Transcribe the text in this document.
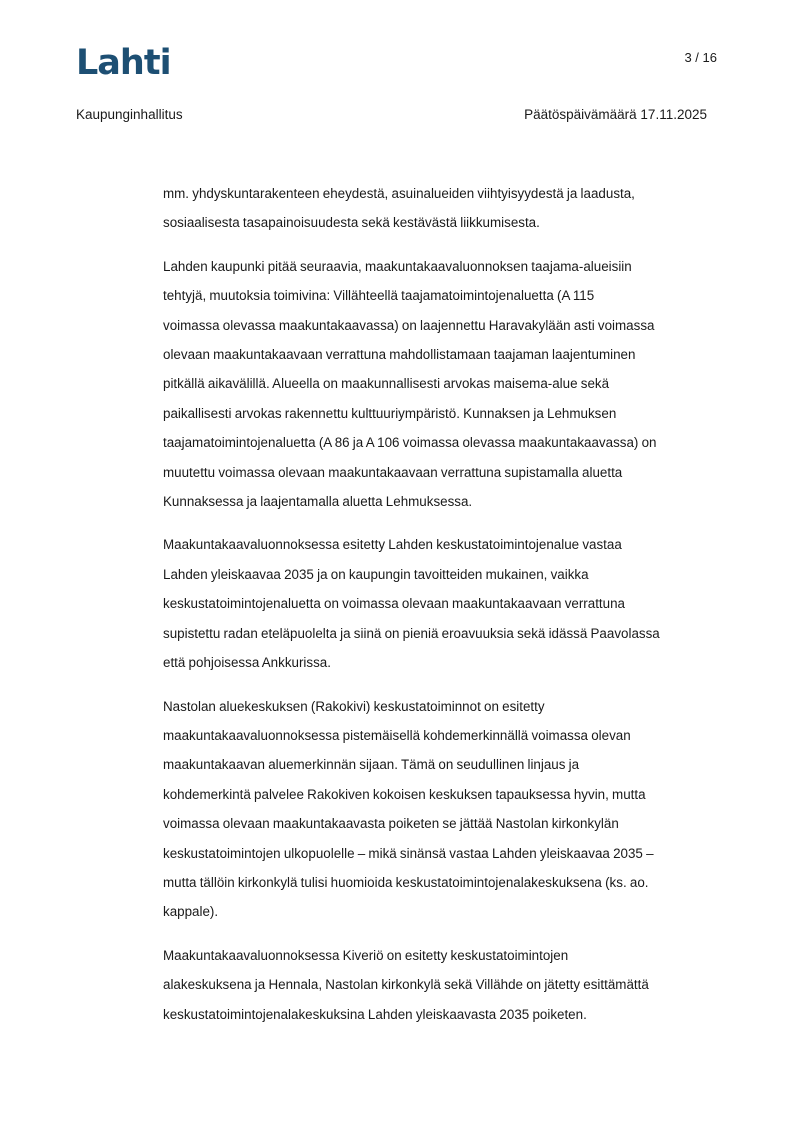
Lahti	3 / 16
Kaupunginhallitus	Päätöspäivämäärä 17.11.2025

mm. yhdyskuntarakenteen eheydestä, asuinalueiden viihtyisyydestä ja laadusta,
sosiaalisesta tasapainoisuudesta sekä kestävästä liikkumisesta.

Lahden kaupunki pitää seuraavia, maakuntakaavaluonnoksen taajama-alueisiin
tehtyjä, muutoksia toimivina: Villähteellä taajamatoimintojenaluetta (A 115
voimassa olevassa maakuntakaavassa) on laajennettu Haravakylään asti voimassa
olevaan maakuntakaavaan verrattuna mahdollistamaan taajaman laajentuminen
pitkällä aikavälillä. Alueella on maakunnallisesti arvokas maisema-alue sekä
paikallisesti arvokas rakennettu kulttuuriympäristö. Kunnaksen ja Lehmuksen
taajamatoimintojenaluetta (A 86 ja A 106 voimassa olevassa maakuntakaavassa) on
muutettu voimassa olevaan maakuntakaavaan verrattuna supistamalla aluetta
Kunnaksessa ja laajentamalla aluetta Lehmuksessa.

Maakuntakaavaluonnoksessa esitetty Lahden keskustatoimintojenalue vastaa
Lahden yleiskaavaa 2035 ja on kaupungin tavoitteiden mukainen, vaikka
keskustatoimintojenaluetta on voimassa olevaan maakuntakaavaan verrattuna
supistettu radan eteläpuolelta ja siinä on pieniä eroavuuksia sekä idässä Paavolassa
että pohjoisessa Ankkurissa.

Nastolan aluekeskuksen (Rakokivi) keskustatoiminnot on esitetty
maakuntakaavaluonnoksessa pistemäisellä kohdemerkinnällä voimassa olevan
maakuntakaavan aluemerkinnän sijaan. Tämä on seudullinen linjaus ja
kohdemerkintä palvelee Rakokiven kokoisen keskuksen tapauksessa hyvin, mutta
voimassa olevaan maakuntakaavasta poiketen se jättää Nastolan kirkonkylän
keskustatoimintojen ulkopuolelle – mikä sinänsä vastaa Lahden yleiskaavaa 2035 –
mutta tällöin kirkonkylä tulisi huomioida keskustatoimintojenalakeskuksena (ks. ao.
kappale).

Maakuntakaavaluonnoksessa Kiveriö on esitetty keskustatoimintojen
alakeskuksena ja Hennala, Nastolan kirkonkylä sekä Villähde on jätetty esittämättä
keskustatoimintojenalakeskuksina Lahden yleiskaavasta 2035 poiketen.
